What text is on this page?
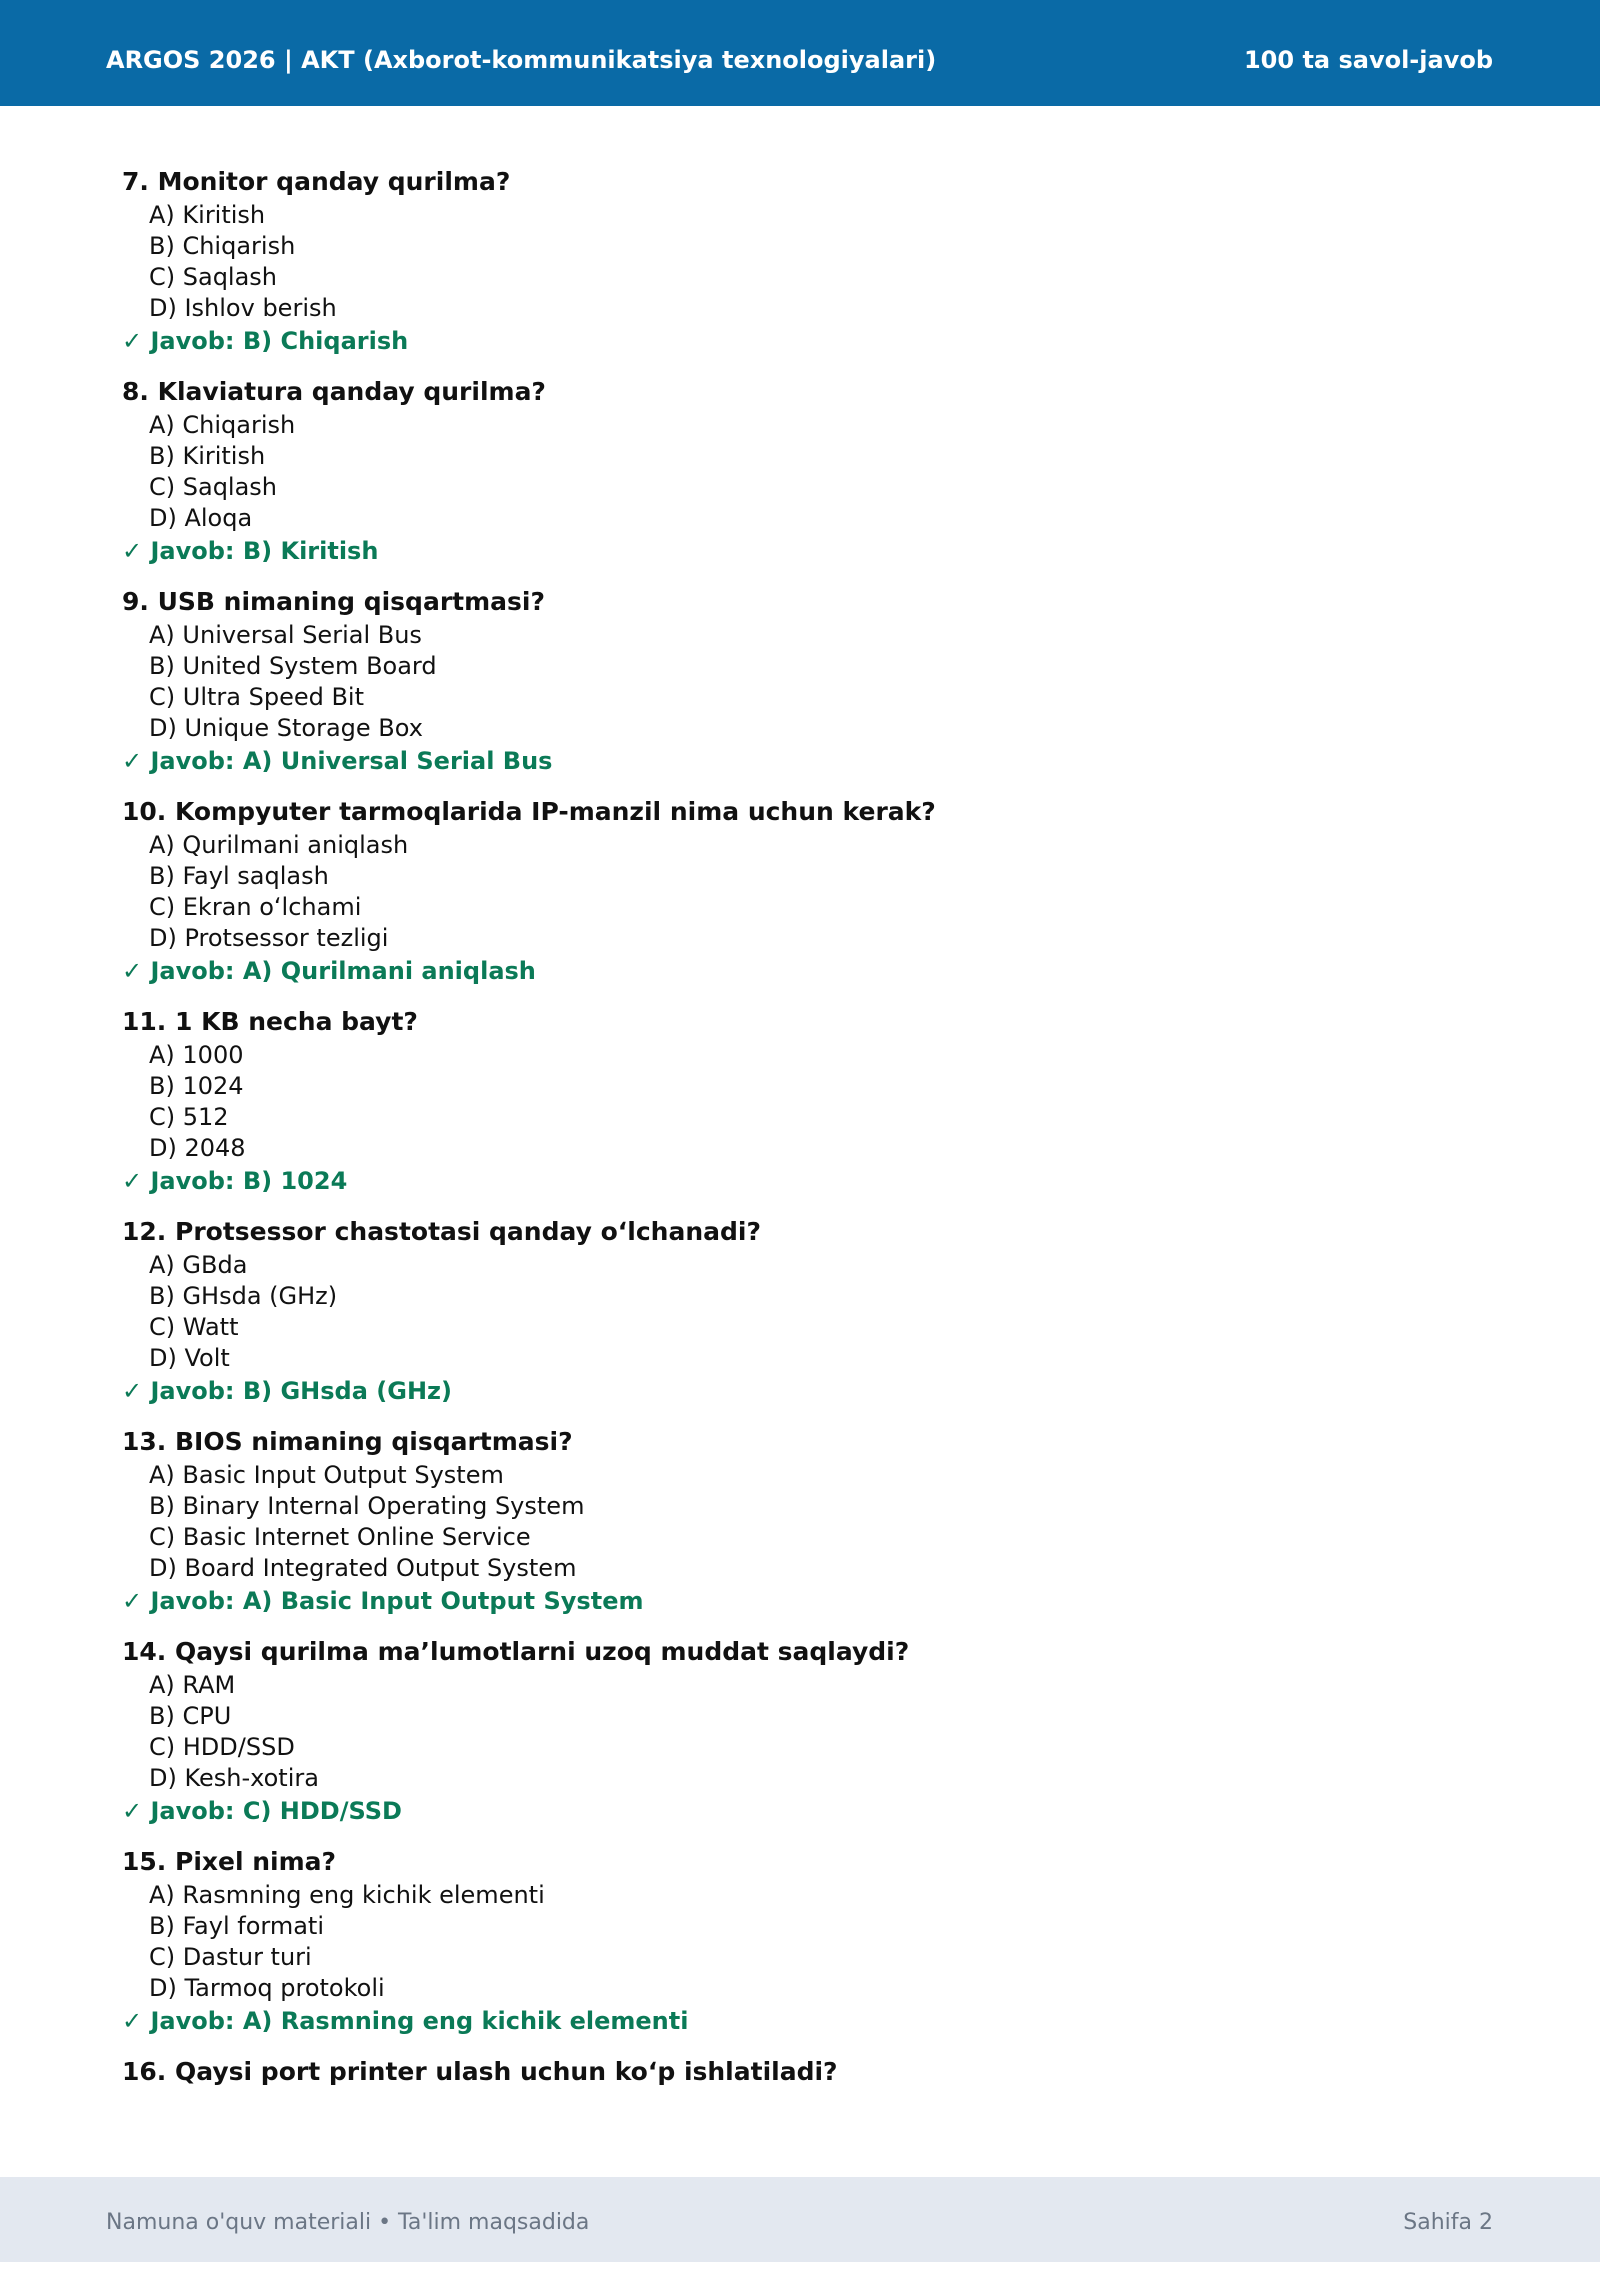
ARGOS 2026 | AKT (Axborot-kommunikatsiya texnologiyalari)	100 ta savol-javob
7. Monitor qanday qurilma?
A) Kiritish
B) Chiqarish
C) Saqlash
D) Ishlov berish
✓ Javob: B) Chiqarish
8. Klaviatura qanday qurilma?
A) Chiqarish
B) Kiritish
C) Saqlash
D) Aloqa
✓ Javob: B) Kiritish
9. USB nimaning qisqartmasi?
A) Universal Serial Bus
B) United System Board
C) Ultra Speed Bit
D) Unique Storage Box
✓ Javob: A) Universal Serial Bus
10. Kompyuter tarmoqlarida IP-manzil nima uchun kerak?
A) Qurilmani aniqlash
B) Fayl saqlash
C) Ekran oʻlchami
D) Protsessor tezligi
✓ Javob: A) Qurilmani aniqlash
11. 1 KB necha bayt?
A) 1000
B) 1024
C) 512
D) 2048
✓ Javob: B) 1024
12. Protsessor chastotasi qanday oʻlchanadi?
A) GBda
B) GHsda (GHz)
C) Watt
D) Volt
✓ Javob: B) GHsda (GHz)
13. BIOS nimaning qisqartmasi?
A) Basic Input Output System
B) Binary Internal Operating System
C) Basic Internet Online Service
D) Board Integrated Output System
✓ Javob: A) Basic Input Output System
14. Qaysi qurilma ma’lumotlarni uzoq muddat saqlaydi?
A) RAM
B) CPU
C) HDD/SSD
D) Kesh-xotira
✓ Javob: C) HDD/SSD
15. Pixel nima?
A) Rasmning eng kichik elementi
B) Fayl formati
C) Dastur turi
D) Tarmoq protokoli
✓ Javob: A) Rasmning eng kichik elementi
16. Qaysi port printer ulash uchun koʻp ishlatiladi?
Namuna o'quv materiali • Ta'lim maqsadida	Sahifa 2
